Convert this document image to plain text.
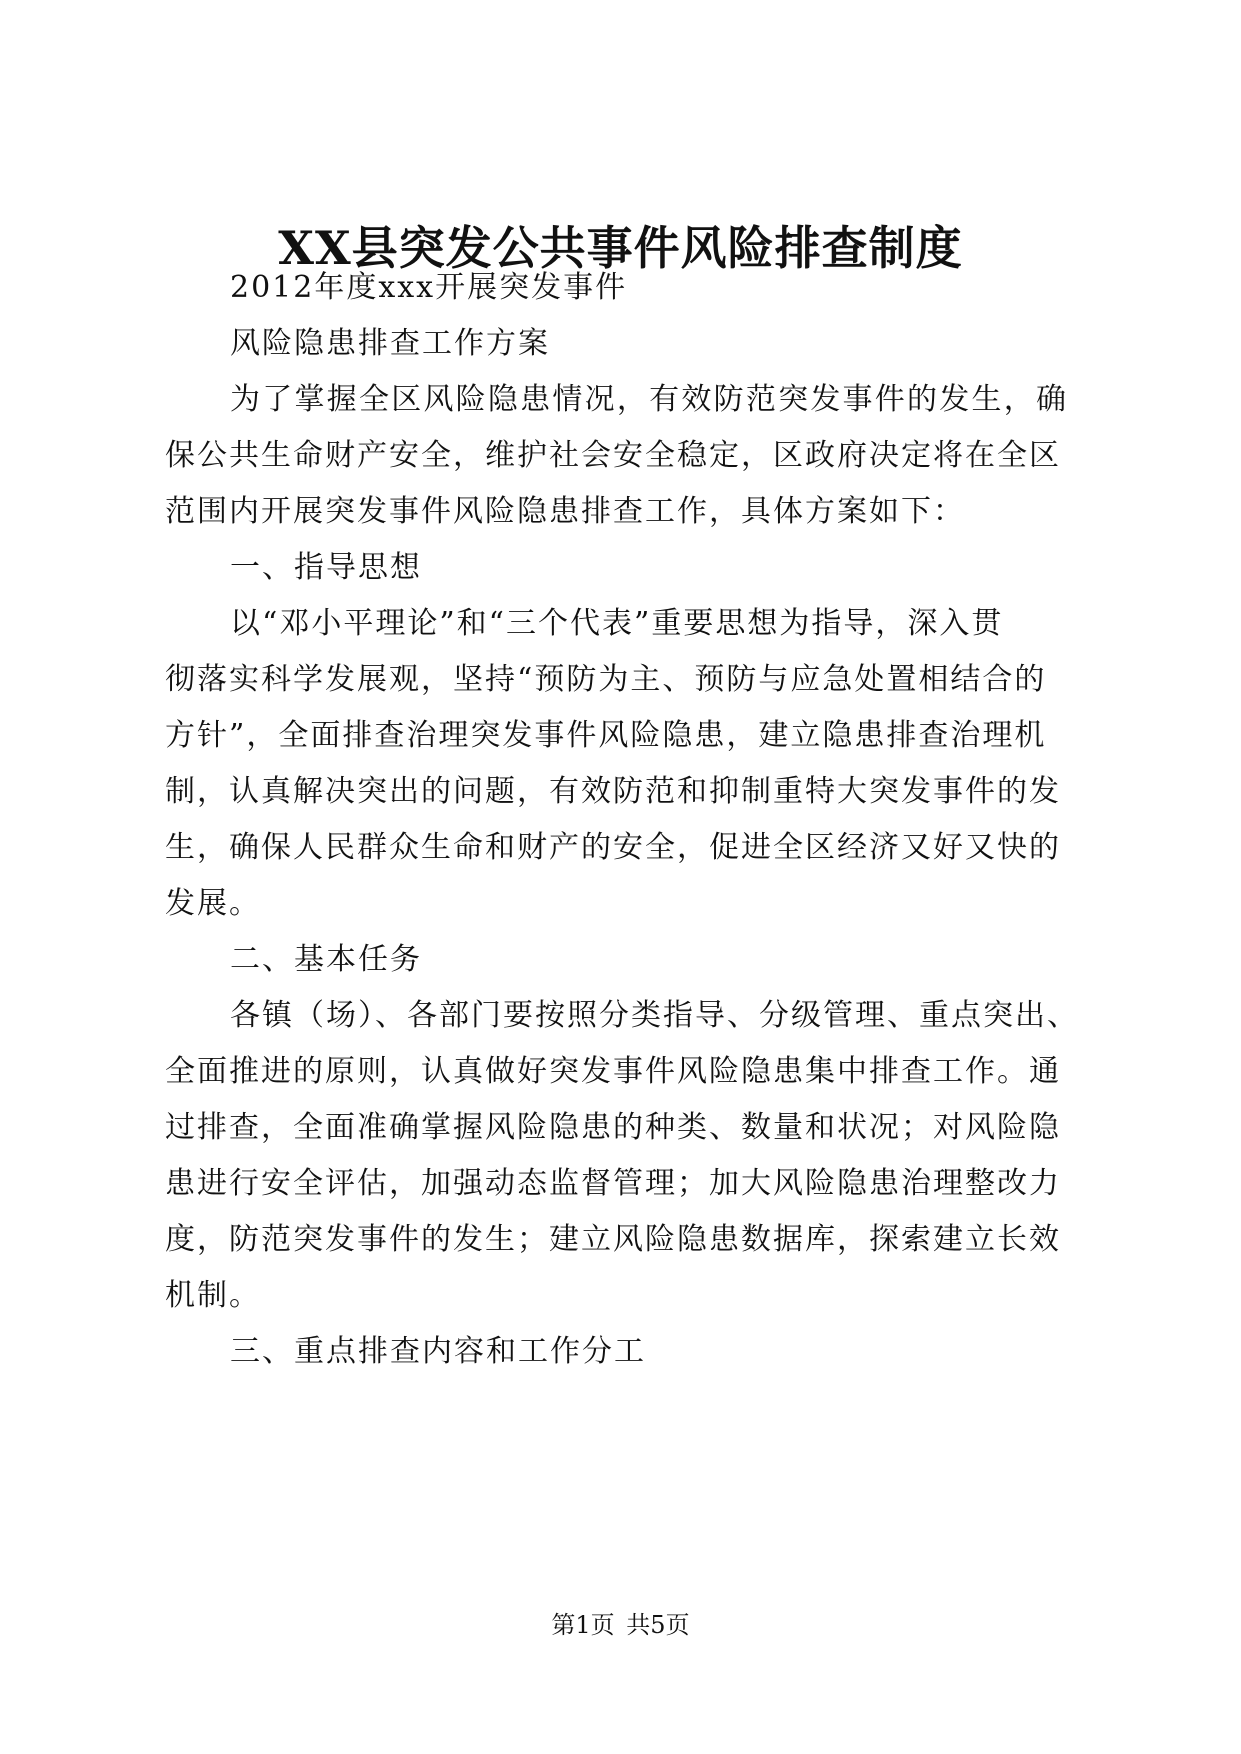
XX县突发公共事件风险排查制度
2012年度xxx开展突发事件
风险隐患排查工作方案
为了掌握全区风险隐患情况，有效防范突发事件的发生，确
保公共生命财产安全，维护社会安全稳定，区政府决定将在全区
范围内开展突发事件风险隐患排查工作，具体方案如下：
一、指导思想
以“邓小平理论”和“三个代表”重要思想为指导，深入贯
彻落实科学发展观，坚持“预防为主、预防与应急处置相结合的
方针”，全面排查治理突发事件风险隐患，建立隐患排查治理机
制，认真解决突出的问题，有效防范和抑制重特大突发事件的发
生，确保人民群众生命和财产的安全，促进全区经济又好又快的
发展。
二、基本任务
各镇（场）、各部门要按照分类指导、分级管理、重点突出、
全面推进的原则，认真做好突发事件风险隐患集中排查工作。通
过排查，全面准确掌握风险隐患的种类、数量和状况；对风险隐
患进行安全评估，加强动态监督管理；加大风险隐患治理整改力
度，防范突发事件的发生；建立风险隐患数据库，探索建立长效
机制。
三、重点排查内容和工作分工
第1页 共5页
